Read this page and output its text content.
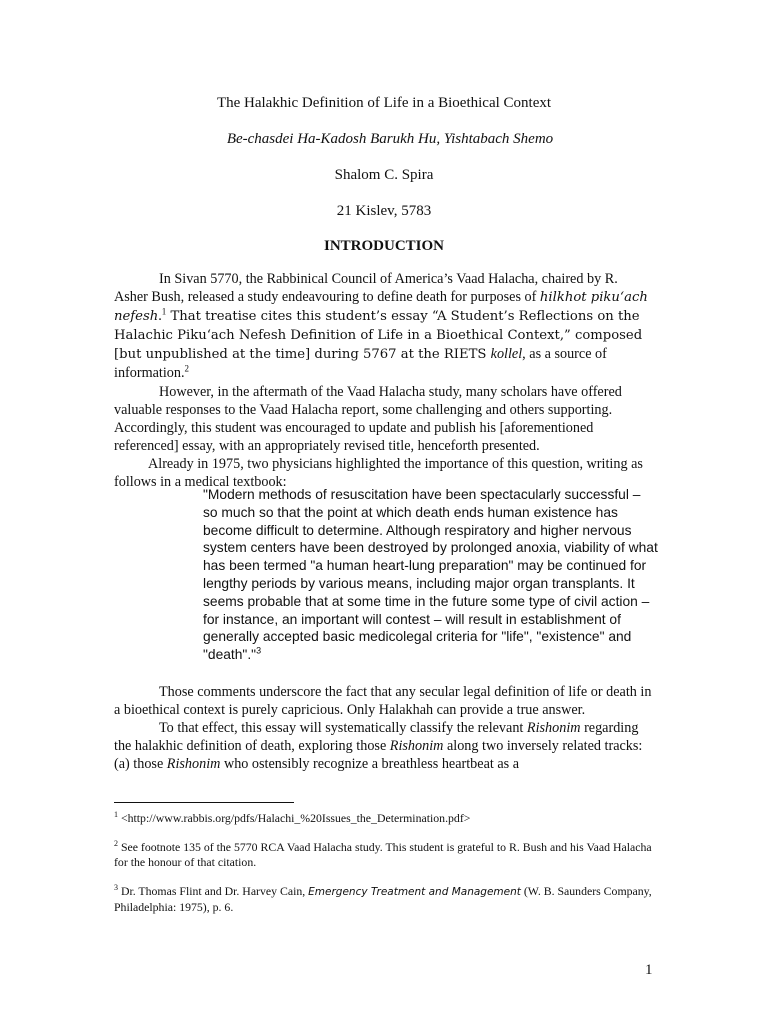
The Halakhic Definition of Life in a Bioethical Context
Be-chasdei Ha-Kadosh Barukh Hu, Yishtabach Shemo
Shalom C. Spira
21 Kislev, 5783
INTRODUCTION

In Sivan 5770, the Rabbinical Council of America’s Vaad Halacha, chaired by R. Asher Bush, released a study endeavouring to define death for purposes of hilkhot piku‘ach nefesh.$^1$ That treatise cites this student’s essay “A Student’s Reflections on the Halachic Piku‘ach Nefesh Definition of Life in a Bioethical Context,” composed [but unpublished at the time] during 5767 at the RIETS kollel, as a source of information.$^2$

However, in the aftermath of the Vaad Halacha study, many scholars have offered valuable responses to the Vaad Halacha report, some challenging and others supporting. Accordingly, this student was encouraged to update and publish his [aforementioned referenced] essay, with an appropriately revised title, henceforth presented.

Already in 1975, two physicians highlighted the importance of this question, writing as follows in a medical textbook:

"Modern methods of resuscitation have been spectacularly successful – so much so that the point at which death ends human existence has become difficult to determine. Although respiratory and higher nervous system centers have been destroyed by prolonged anoxia, viability of what has been termed "a human heart-lung preparation" may be continued for lengthy periods by various means, including major organ transplants. It seems probable that at some time in the future some type of civil action – for instance, an important will contest – will result in establishment of generally accepted basic medicolegal criteria for "life", "existence" and "death"."$^3$

Those comments underscore the fact that any secular legal definition of life or death in a bioethical context is purely capricious. Only Halakhah can provide a true answer.

To that effect, this essay will systematically classify the relevant Rishonim regarding the halakhic definition of death, exploring those Rishonim along two inversely related tracks: (a) those Rishonim who ostensibly recognize a breathless heartbeat as a

$^1$ <http://www.rabbis.org/pdfs/Halachi_%20Issues_the_Determination.pdf>
$^2$ See footnote 135 of the 5770 RCA Vaad Halacha study. This student is grateful to R. Bush and his Vaad Halacha for the honour of that citation.
$^3$ Dr. Thomas Flint and Dr. Harvey Cain, Emergency Treatment and Management (W. B. Saunders Company, Philadelphia: 1975), p. 6.
1
